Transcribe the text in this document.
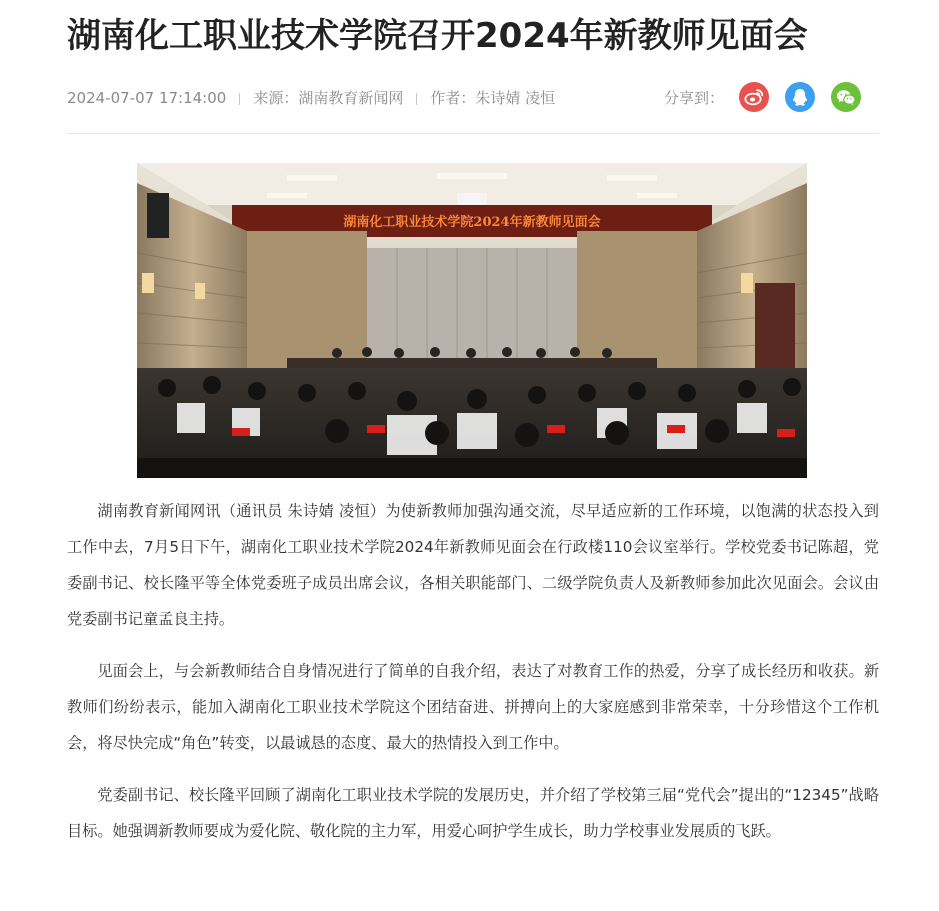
湖南化工职业技术学院召开2024年新教师见面会
2024-07-07 17:14:00 来源：湖南教育新闻网 作者：朱诗婧 凌恒	分享到：
湖南化工职业技术学院2024年新教师见面会

湖南教育新闻网讯（通讯员 朱诗婧 凌恒）为使新教师加强沟通交流，尽早适应新的工作环境，以饱满的状态投入到工作中去，7月5日下午，湖南化工职业技术学院2024年新教师见面会在行政楼110会议室举行。学校党委书记陈超，党委副书记、校长隆平等全体党委班子成员出席会议，各相关职能部门、二级学院负责人及新教师参加此次见面会。会议由党委副书记童孟良主持。

见面会上，与会新教师结合自身情况进行了简单的自我介绍，表达了对教育工作的热爱，分享了成长经历和收获。新教师们纷纷表示，能加入湖南化工职业技术学院这个团结奋进、拼搏向上的大家庭感到非常荣幸，十分珍惜这个工作机会，将尽快完成“角色”转变，以最诚恳的态度、最大的热情投入到工作中。

党委副书记、校长隆平回顾了湖南化工职业技术学院的发展历史，并介绍了学校第三届“党代会”提出的“12345”战略目标。她强调新教师要成为爱化院、敬化院的主力军，用爱心呵护学生成长，助力学校事业发展质的飞跃。
